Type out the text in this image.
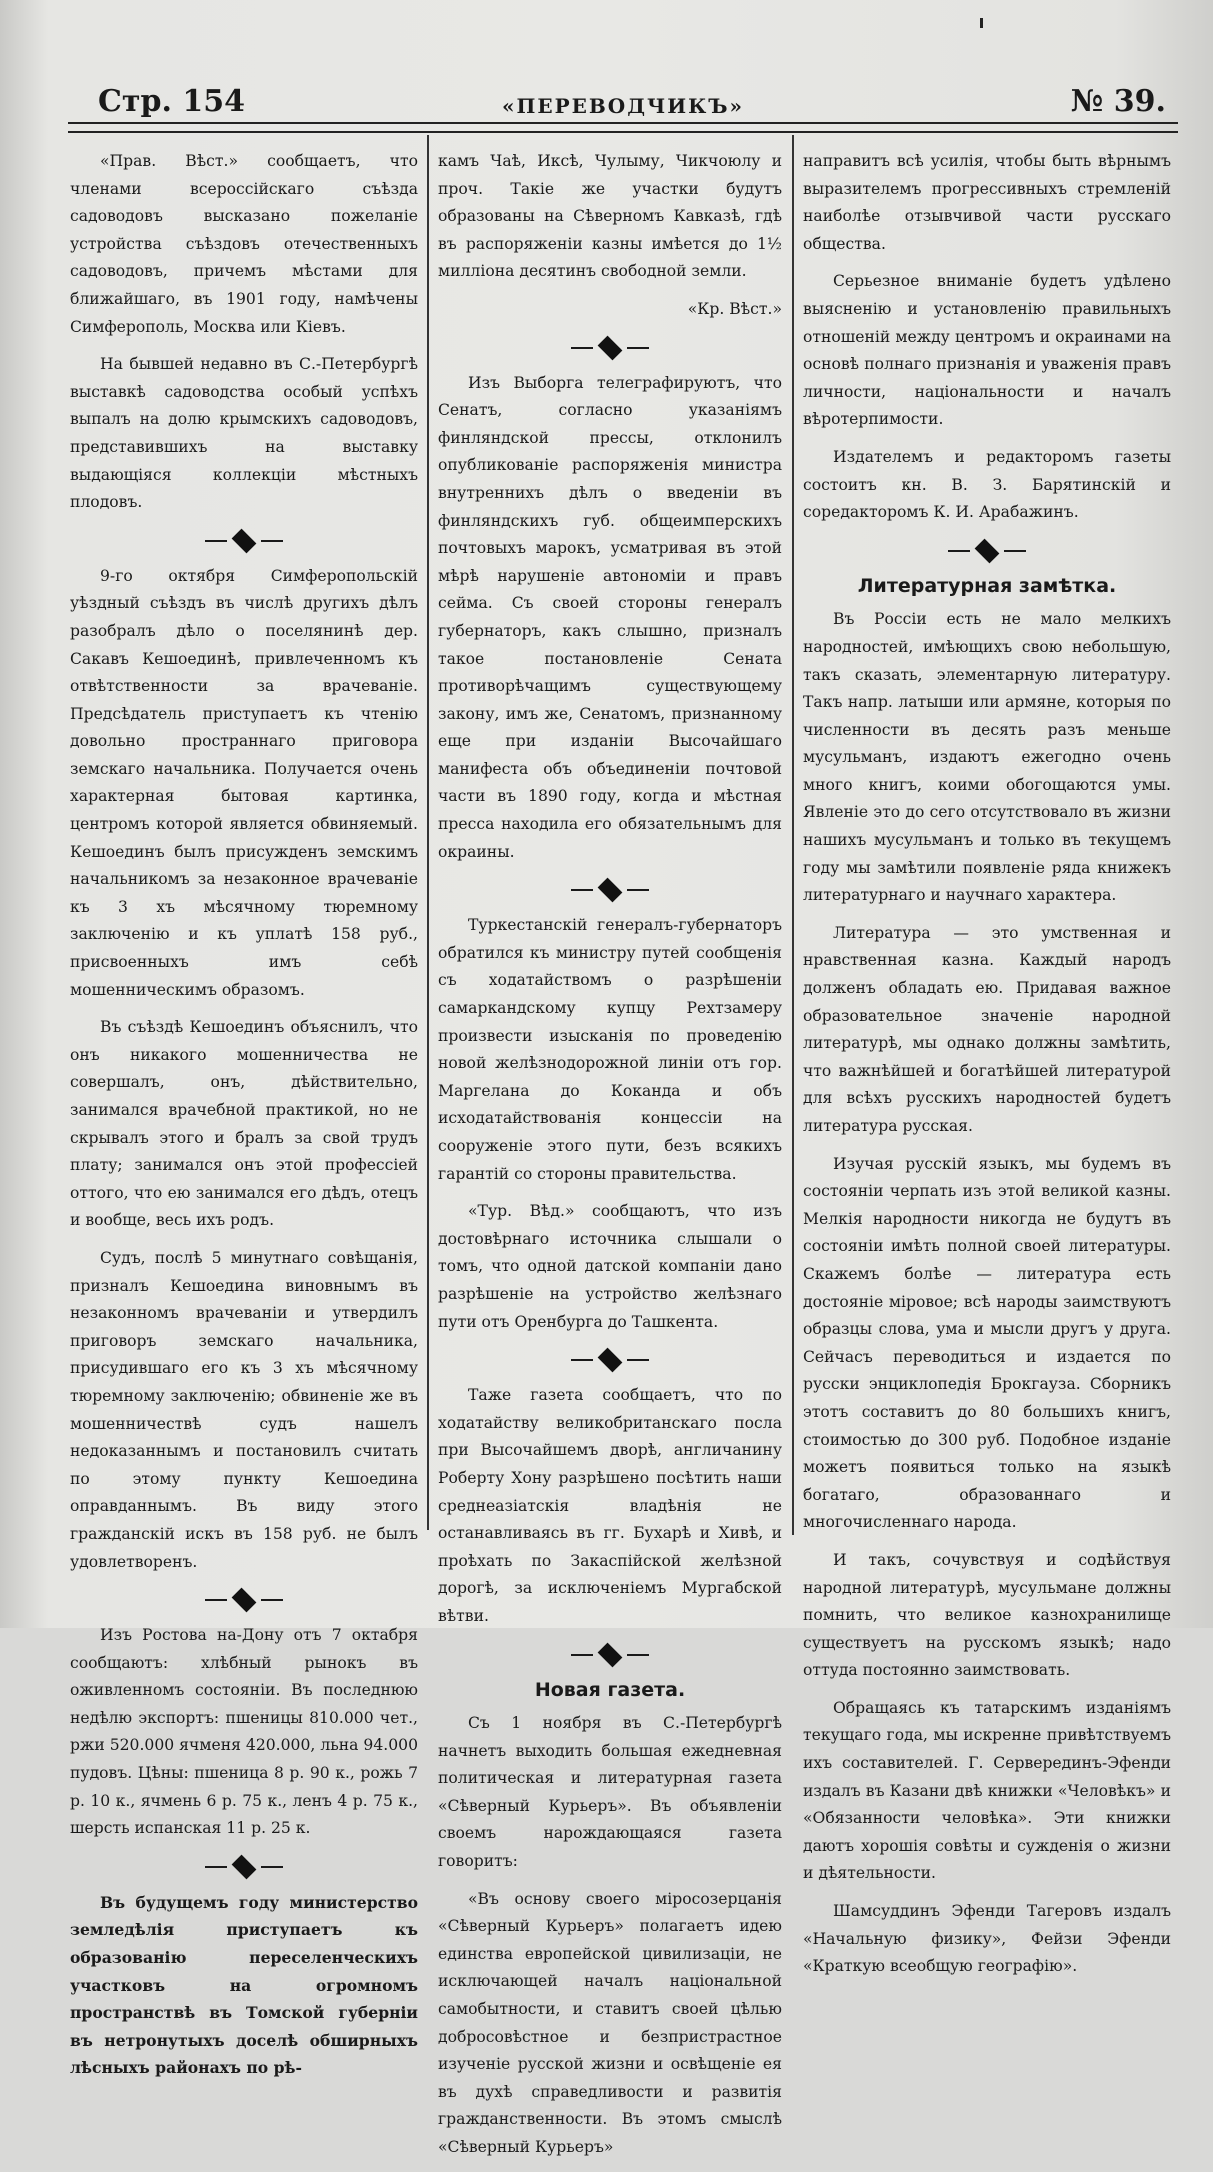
Стр. 154	«ПЕРЕВОДЧИКЪ»	№ 39.

«Прав. Вѣст.» сообщаетъ, что членами всероссійскаго съѣзда садоводовъ высказано пожеланіе устройства съѣздовъ отечественныхъ садоводовъ, причемъ мѣстами для ближайшаго, въ 1901 году, намѣчены Симферополь, Москва или Кіевъ.

На бывшей недавно въ С.-Петербургѣ выставкѣ садоводства особый успѣхъ выпалъ на долю крымскихъ садоводовъ, представившихъ на выставку выдающіяся коллекціи мѣстныхъ плодовъ.

9-го октября Симферопольскій уѣздный съѣздъ въ числѣ другихъ дѣлъ разобралъ дѣло о поселянинѣ дер. Сакавъ Кешоединѣ, привлеченномъ къ отвѣтственности за врачеваніе. Предсѣдатель приступаетъ къ чтенію довольно пространнаго приговора земскаго начальника. Получается очень характерная бытовая картинка, центромъ которой является обвиняемый. Кешоединъ былъ присужденъ земскимъ начальникомъ за незаконное врачеваніе къ 3 хъ мѣсячному тюремному заключенію и къ уплатѣ 158 руб., присвоенныхъ имъ себѣ мошенническимъ образомъ.

Въ съѣздѣ Кешоединъ объяснилъ, что онъ никакого мошенничества не совершалъ, онъ, дѣйствительно, занимался врачебной практикой, но не скрывалъ этого и бралъ за свой трудъ плату; занимался онъ этой профессіей оттого, что ею занимался его дѣдъ, отецъ и вообще, весь ихъ родъ.

Судъ, послѣ 5 минутнаго совѣщанія, призналъ Кешоедина виновнымъ въ незаконномъ врачеваніи и утвердилъ приговоръ земскаго начальника, присудившаго его къ 3 хъ мѣсячному тюремному заключенію; обвиненіе же въ мошенничествѣ судъ нашелъ недоказаннымъ и постановилъ считать по этому пункту Кешоедина оправданнымъ. Въ виду этого гражданскій искъ въ 158 руб. не былъ удовлетворенъ.

Изъ Ростова на-Дону отъ 7 октабря сообщаютъ: хлѣбный рынокъ въ оживленномъ состояніи. Въ последнюю недѣлю экспортъ: пшеницы 810.000 чет., ржи 520.000 ячменя 420.000, льна 94.000 пудовъ. Цѣны: пшеница 8 р. 90 к., рожь 7 р. 10 к., ячмень 6 р. 75 к., ленъ 4 р. 75 к., шерсть испанская 11 р. 25 к.

Въ будущемъ году министерство земледѣлія приступаетъ къ образованію переселенческихъ участковъ на огромномъ пространствѣ въ Томской губерніи въ нетронутыхъ доселѣ обширныхъ лѣсныхъ районахъ по рѣ-

камъ Чаѣ, Иксѣ, Чулыму, Чикчоюлу и проч. Такіе же участки будутъ образованы на Сѣверномъ Кавказѣ, гдѣ въ распоряженіи казны имѣется до 1½ милліона десятинъ свободной земли.

«Кр. Вѣст.»

Изъ Выборга телеграфируютъ, что Сенатъ, согласно указаніямъ финляндской прессы, отклонилъ опубликованіе распоряженія министра внутреннихъ дѣлъ о введеніи въ финляндскихъ губ. общеимперскихъ почтовыхъ марокъ, усматривая въ этой мѣрѣ нарушеніе автономіи и правъ сейма. Съ своей стороны генералъ губернаторъ, какъ слышно, призналъ такое постановленіе Сената противорѣчащимъ существующему закону, имъ же, Сенатомъ, признанному еще при изданіи Высочайшаго манифеста объ объединеніи почтовой части въ 1890 году, когда и мѣстная пресса находила его обязательнымъ для окраины.

Туркестанскій генералъ-губернаторъ обратился къ министру путей сообщенія съ ходатайствомъ о разрѣшеніи самаркандскому купцу Рехтзамеру произвести изысканія по проведенію новой желѣзнодорожной линіи отъ гор. Маргелана до Коканда и объ исходатайствованія концессіи на сооруженіе этого пути, безъ всякихъ гарантій со стороны правительства.

«Тур. Вѣд.» сообщаютъ, что изъ достовѣрнаго источника слышали о томъ, что одной датской компаніи дано разрѣшеніе на устройство желѣзнаго пути отъ Оренбурга до Ташкента.

Таже газета сообщаетъ, что по ходатайству великобританскаго посла при Высочайшемъ дворѣ, англичанину Роберту Хону разрѣшено посѣтить наши среднеазіатскія владѣнія не останавливаясь въ гг. Бухарѣ и Хивѣ, и проѣхать по Закаспійской желѣзной дорогѣ, за исключеніемъ Мургабской вѣтви.

Новая газета.

Съ 1 ноября въ С.-Петербургѣ начнетъ выходить большая ежедневная политическая и литературная газета «Сѣверный Курьеръ». Въ объявленіи своемъ нарождающаяся газета говоритъ:

«Въ основу своего міросозерцанія «Сѣверный Курьеръ» полагаетъ идею единства европейской цивилизаціи, не исключающей началъ національной самобытности, и ставитъ своей цѣлью добросовѣстное и безпристрастное изученіе русской жизни и освѣщеніе ея въ духѣ справедливости и развитія гражданственности. Въ этомъ смыслѣ «Сѣверный Курьеръ»

направитъ всѣ усилія, чтобы быть вѣрнымъ выразителемъ прогрессивныхъ стремленій наиболѣе отзывчивой части русскаго общества.

Серьезное вниманіе будетъ удѣлено выясненію и установленію правильныхъ отношеній между центромъ и окраинами на основѣ полнаго признанія и уваженія правъ личности, національности и началъ вѣротерпимости.

Издателемъ и редакторомъ газеты состоитъ кн. В. З. Барятинскій и соредакторомъ К. И. Арабажинъ.

Литературная замѣтка.

Въ Россіи есть не мало мелкихъ народностей, имѣющихъ свою небольшую, такъ сказать, элементарную литературу. Такъ напр. латыши или армяне, которыя по численности въ десять разъ меньше мусульманъ, издаютъ ежегодно очень много книгъ, коими обогощаются умы. Явленіе это до сего отсутствовало въ жизни нашихъ мусульманъ и только въ текущемъ году мы замѣтили появленіе ряда книжекъ литературнаго и научнаго характера.

Литература — это умственная и нравственная казна. Каждый народъ долженъ обладать ею. Придавая важное образовательное значеніе народной литературѣ, мы однако должны замѣтить, что важнѣйшей и богатѣйшей литературой для всѣхъ русскихъ народностей будетъ литература русская.

Изучая русскій языкъ, мы будемъ въ состояніи черпать изъ этой великой казны. Мелкія народности никогда не будутъ въ состояніи имѣть полной своей литературы. Скажемъ болѣе — литература есть достояніе міровое; всѣ народы заимствуютъ образцы слова, ума и мысли другъ у друга. Сейчасъ переводиться и издается по русски энциклопедія Брокгауза. Сборникъ этотъ составитъ до 80 большихъ книгъ, стоимостью до 300 руб. Подобное изданіе можетъ появиться только на языкѣ богатаго, образованнаго и многочисленнаго народа.

И такъ, сочувствуя и содѣйствуя народной литературѣ, мусульмане должны помнить, что великое казнохранилище существуетъ на русскомъ языкѣ; надо оттуда постоянно заимствовать.

Обращаясь къ татарскимъ изданіямъ текущаго года, мы искренне привѣтствуемъ ихъ составителей. Г. Серверединъ-Эфенди издалъ въ Казани двѣ книжки «Человѣкъ» и «Обязанности человѣка». Эти книжки даютъ хорошія совѣты и сужденія о жизни и дѣятельности.

Шамсуддинъ Эфенди Тагеровъ издалъ «Начальную физику», Фейзи Эфенди «Краткую всеобщую географію».
